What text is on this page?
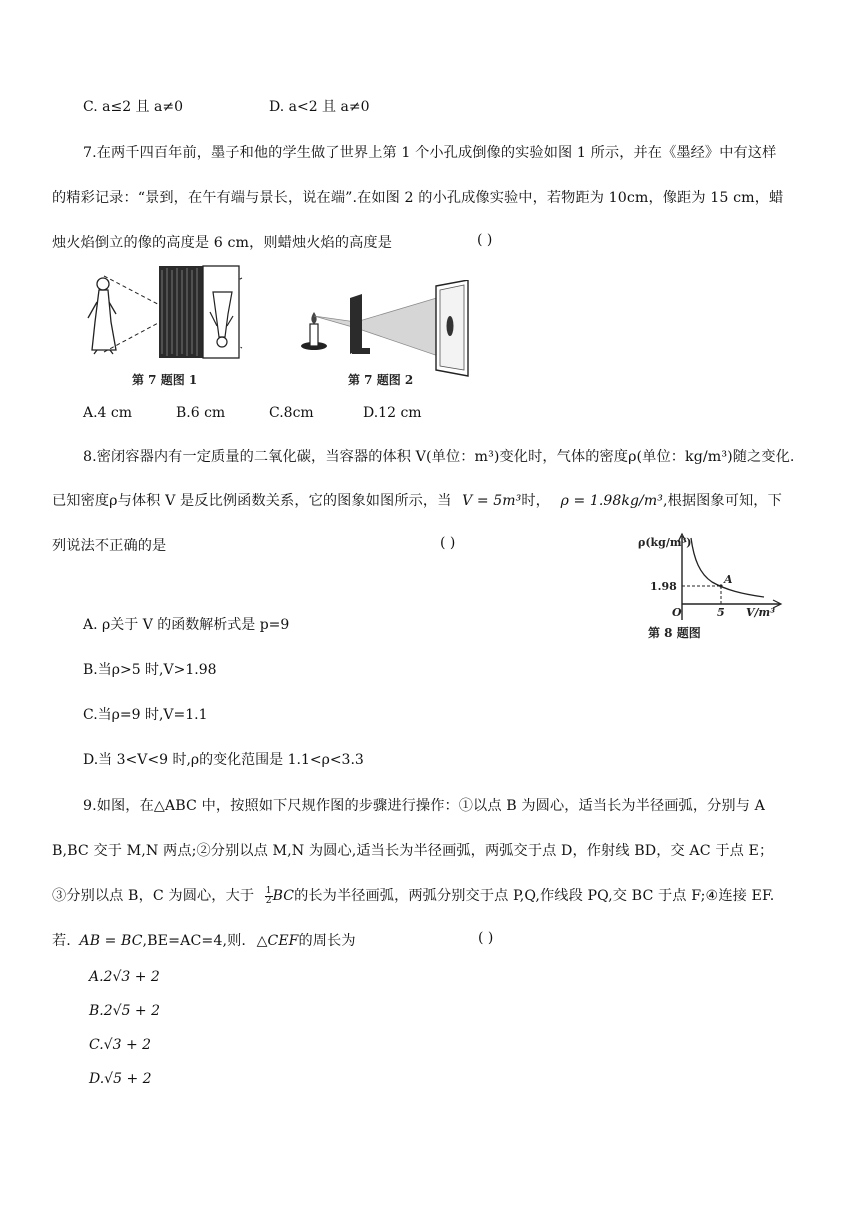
C. a≤2 且 a≠0	D. a<2 且 a≠0
7.在两千四百年前，墨子和他的学生做了世界上第 1 个小孔成倒像的实验如图 1 所示，并在《墨经》中有这样
的精彩记录：“景到，在午有端与景长，说在端”.在如图 2 的小孔成像实验中，若物距为 10cm，像距为 15 cm，蜡
烛火焰倒立的像的高度是 6 cm，则蜡烛火焰的高度是	( )
第 7 题图 1	第 7 题图 2
A.4 cm	B.6 cm	C.8cm	D.12 cm
8.密闭容器内有一定质量的二氧化碳，当容器的体积 V(单位：m³)变化时，气体的密度ρ(单位：kg/m³)随之变化.
已知密度ρ与体积 V 是反比例函数关系，它的图象如图所示，当 V = 5m³时， ρ = 1.98kg/m³,根据图象可知，下
列说法不正确的是	( )
A
ρ(kg/m³)
1.98
O	5 V/m³
第 8 题图
A. ρ关于 V 的函数解析式是 p=9
B.当ρ>5 时,V>1.98
C.当ρ=9 时,V=1.1
D.当 3<V<9 时,ρ的变化范围是 1.1<ρ<3.3
9.如图，在△ABC 中，按照如下尺规作图的步骤进行操作：①以点 B 为圆心，适当长为半径画弧，分别与 A
B,BC 交于 M,N 两点;②分别以点 M,N 为圆心,适当长为半径画弧，两弧交于点 D，作射线 BD，交 AC 于点 E；
③分别以点 B，C 为圆心，大于 $\frac{1}{2}$ BC的长为半径画弧，两弧分别交于点 P,Q,作线段 PQ,交 BC 于点 F;④连接 EF.
若. AB = BC,BE=AC=4,则. △CEF的周长为	( )
A.2√3 + 2
B.2√5 + 2
C.√3 + 2
D.√5 + 2
